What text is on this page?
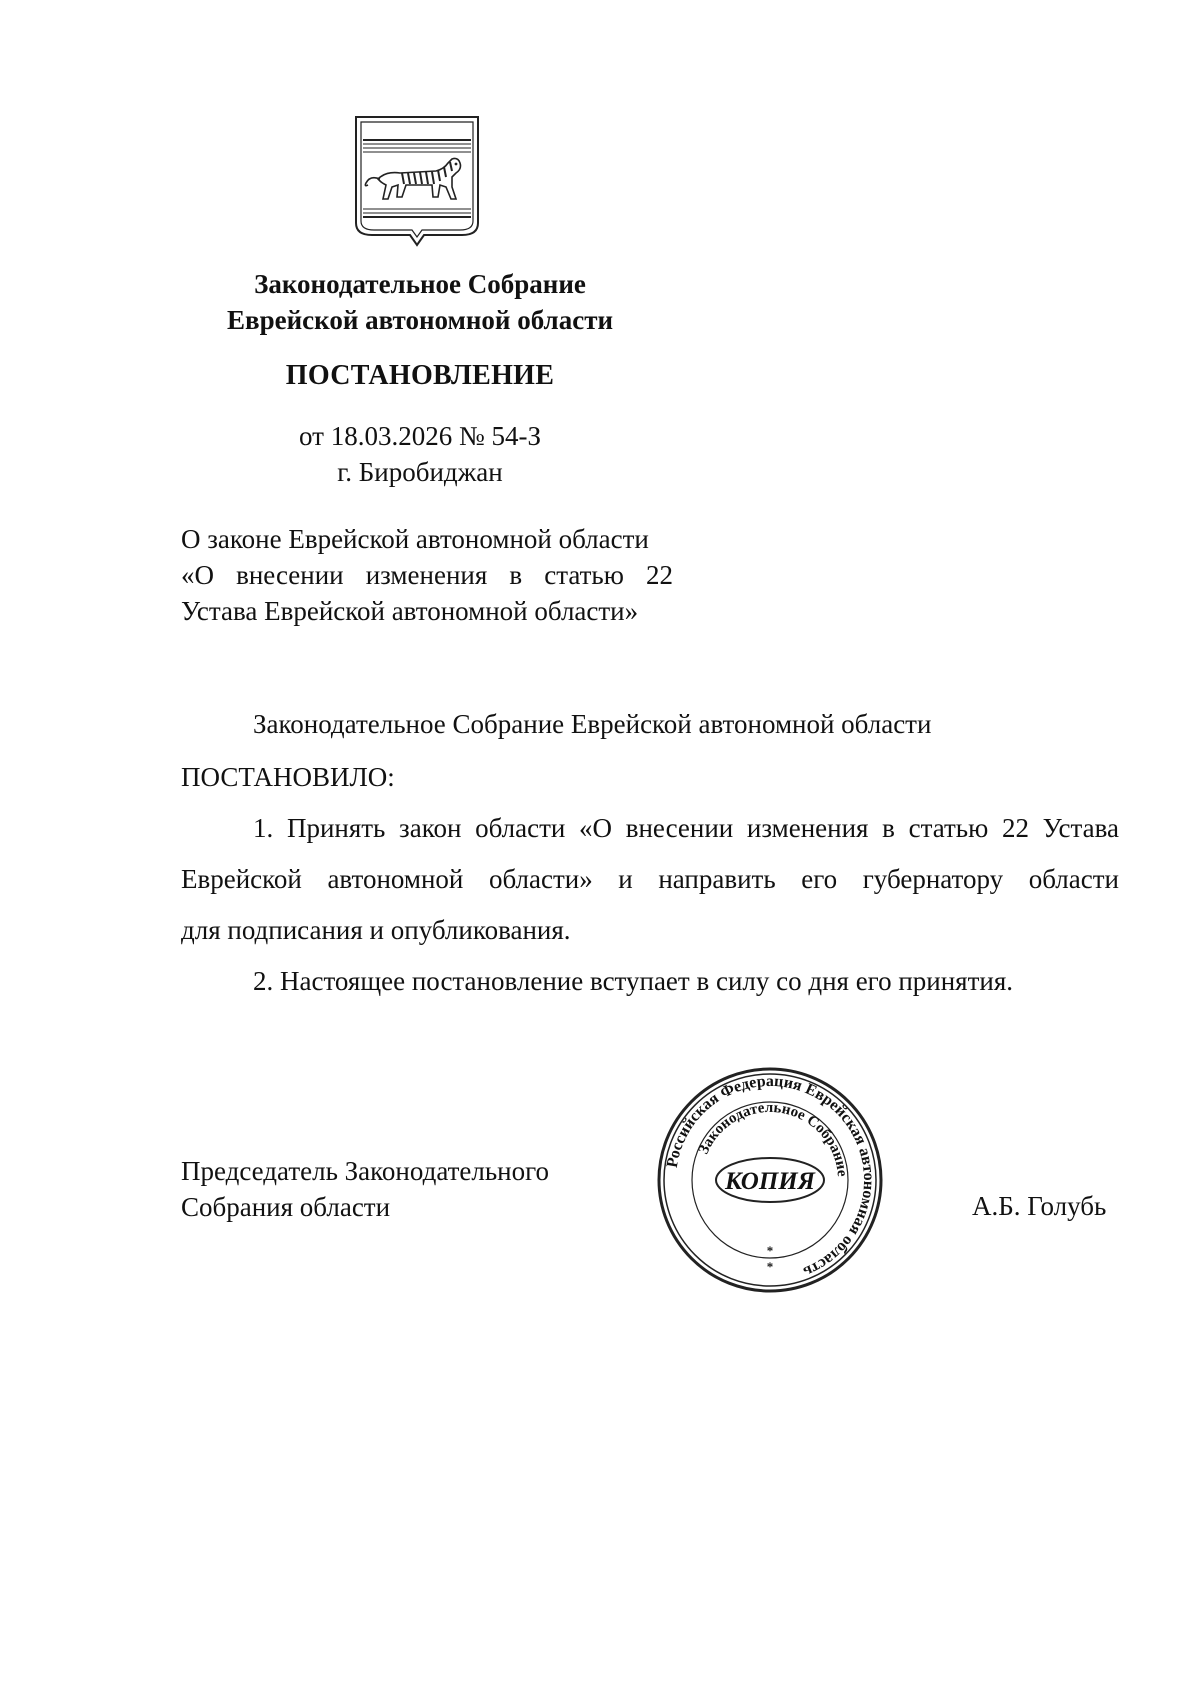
Законодательное Собрание
Еврейской автономной области
ПОСТАНОВЛЕНИЕ
от 18.03.2026 № 54-З
г. Биробиджан
О законе Еврейской автономной области
«О внесении изменения в статью 22
Устава Еврейской автономной области»
Законодательное Собрание Еврейской автономной области
ПОСТАНОВИЛО:
1. Принять закон области «О внесении изменения в статью 22 Устава
Еврейской автономной области» и направить его губернатору области
для подписания и опубликования.
2. Настоящее постановление вступает в силу со дня его принятия.
Председатель Законодательного
Собрания области	А.Б. Голубь
Российская Федерация Еврейская автономная область
Законодательное Собрание
КОПИЯ
*
*
